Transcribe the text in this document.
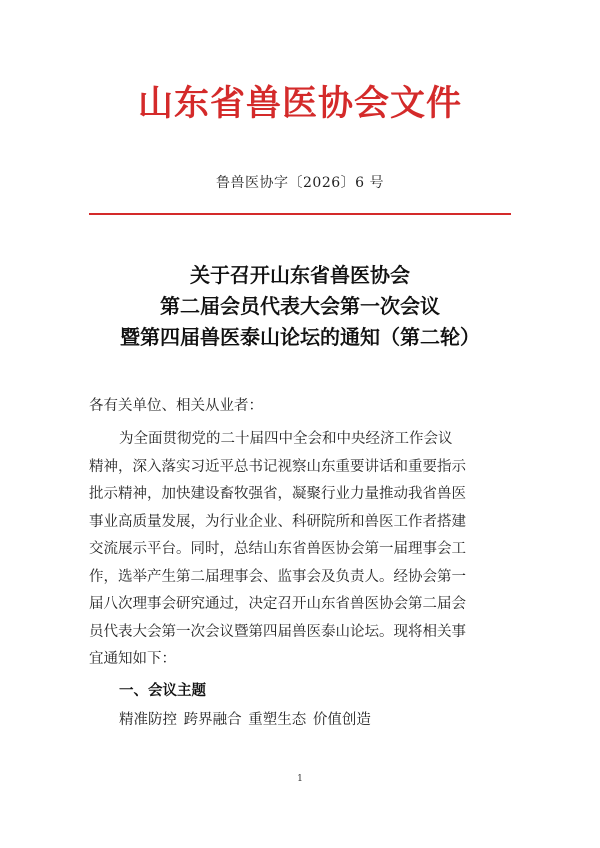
山东省兽医协会文件
鲁兽医协字〔2026〕6 号
关于召开山东省兽医协会
第二届会员代表大会第一次会议
暨第四届兽医泰山论坛的通知（第二轮）
各有关单位、相关从业者：
为全面贯彻党的二十届四中全会和中央经济工作会议
精神，深入落实习近平总书记视察山东重要讲话和重要指示
批示精神，加快建设畜牧强省，凝聚行业力量推动我省兽医
事业高质量发展，为行业企业、科研院所和兽医工作者搭建
交流展示平台。同时，总结山东省兽医协会第一届理事会工
作，选举产生第二届理事会、监事会及负责人。经协会第一
届八次理事会研究通过，决定召开山东省兽医协会第二届会
员代表大会第一次会议暨第四届兽医泰山论坛。现将相关事
宜通知如下：
一、会议主题
精准防控 跨界融合 重塑生态 价值创造
1
